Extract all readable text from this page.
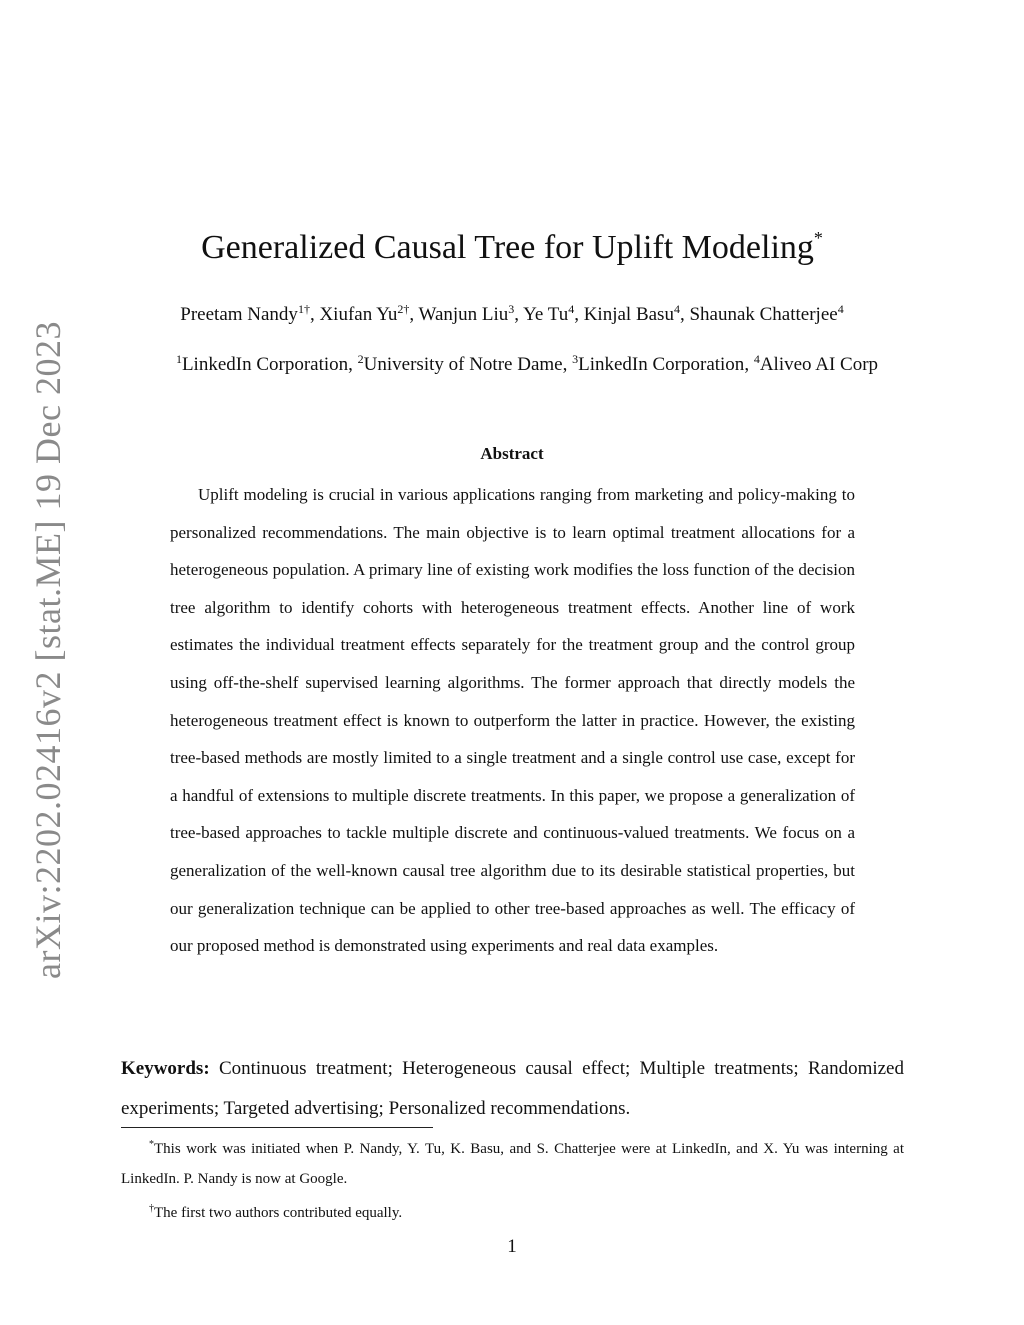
arXiv:2202.02416v2 [stat.ME] 19 Dec 2023
Generalized Causal Tree for Uplift Modeling*
Preetam Nandy$^{1\dagger}$, Xiufan $Yu^{2\dagger}$, Wanjun Liu$^3$, Ye Tu$^4$, Kinjal Basu$^4$, Shaunak Chatterjee$^4$
$^1$LinkedIn Corporation, $^2$University of Notre Dame, $^3$LinkedIn Corporation, $^4$Aliveo AI Corp
Abstract
Uplift modeling is crucial in various applications ranging from marketing and policy-making to personalized recommendations. The main objective is to learn optimal treatment allocations for a heterogeneous population. A primary line of existing work modifies the loss function of the decision tree algorithm to identify cohorts with heterogeneous treatment effects. Another line of work estimates the individual treatment effects separately for the treatment group and the control group using off-the-shelf supervised learning algorithms. The former approach that directly models the heterogeneous treatment effect is known to outperform the latter in practice. However, the existing tree-based methods are mostly limited to a single treatment and a single control use case, except for a handful of extensions to multiple discrete treatments. In this paper, we propose a generalization of tree-based approaches to tackle multiple discrete and continuous-valued treatments. We focus on a generalization of the well-known causal tree algorithm due to its desirable statistical properties, but our generalization technique can be applied to other tree-based approaches as well. The efficacy of our proposed method is demonstrated using experiments and real data examples.
Keywords: Continuous treatment; Heterogeneous causal effect; Multiple treatments; Randomized experiments; Targeted advertising; Personalized recommendations.
*This work was initiated when P. Nandy, Y. Tu, K. Basu, and S. Chatterjee were at LinkedIn, and X. Yu was interning at LinkedIn. P. Nandy is now at Google.
†The first two authors contributed equally.
1
